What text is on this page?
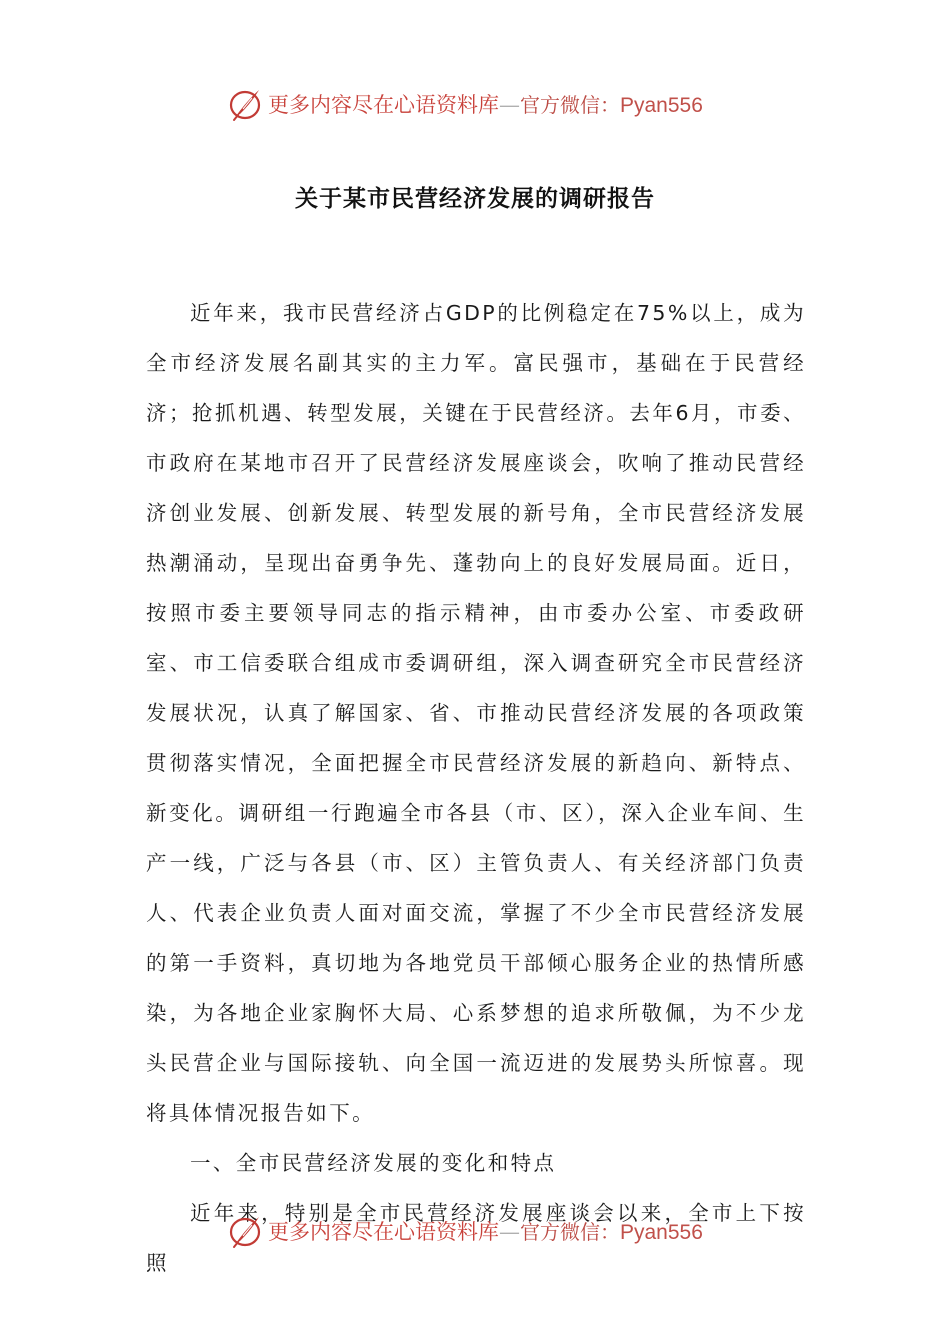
更多内容尽在心语资料库—官方微信：Pyan556
关于某市民营经济发展的调研报告

近年来，我市民营经济占GDP的比例稳定在75%以上，成为全市经济发展名副其实的主力军。富民强市，基础在于民营经济；抢抓机遇、转型发展，关键在于民营经济。去年6月，市委、市政府在某地市召开了民营经济发展座谈会，吹响了推动民营经济创业发展、创新发展、转型发展的新号角，全市民营经济发展热潮涌动，呈现出奋勇争先、蓬勃向上的良好发展局面。近日，按照市委主要领导同志的指示精神，由市委办公室、市委政研室、市工信委联合组成市委调研组，深入调查研究全市民营经济发展状况，认真了解国家、省、市推动民营经济发展的各项政策贯彻落实情况，全面把握全市民营经济发展的新趋向、新特点、新变化。调研组一行跑遍全市各县（市、区），深入企业车间、生产一线，广泛与各县（市、区）主管负责人、有关经济部门负责人、代表企业负责人面对面交流，掌握了不少全市民营经济发展的第一手资料，真切地为各地党员干部倾心服务企业的热情所感染，为各地企业家胸怀大局、心系梦想的追求所敬佩，为不少龙头民营企业与国际接轨、向全国一流迈进的发展势头所惊喜。现将具体情况报告如下。

一、全市民营经济发展的变化和特点

近年来，特别是全市民营经济发展座谈会以来，全市上下按照

更多内容尽在心语资料库—官方微信：Pyan556
